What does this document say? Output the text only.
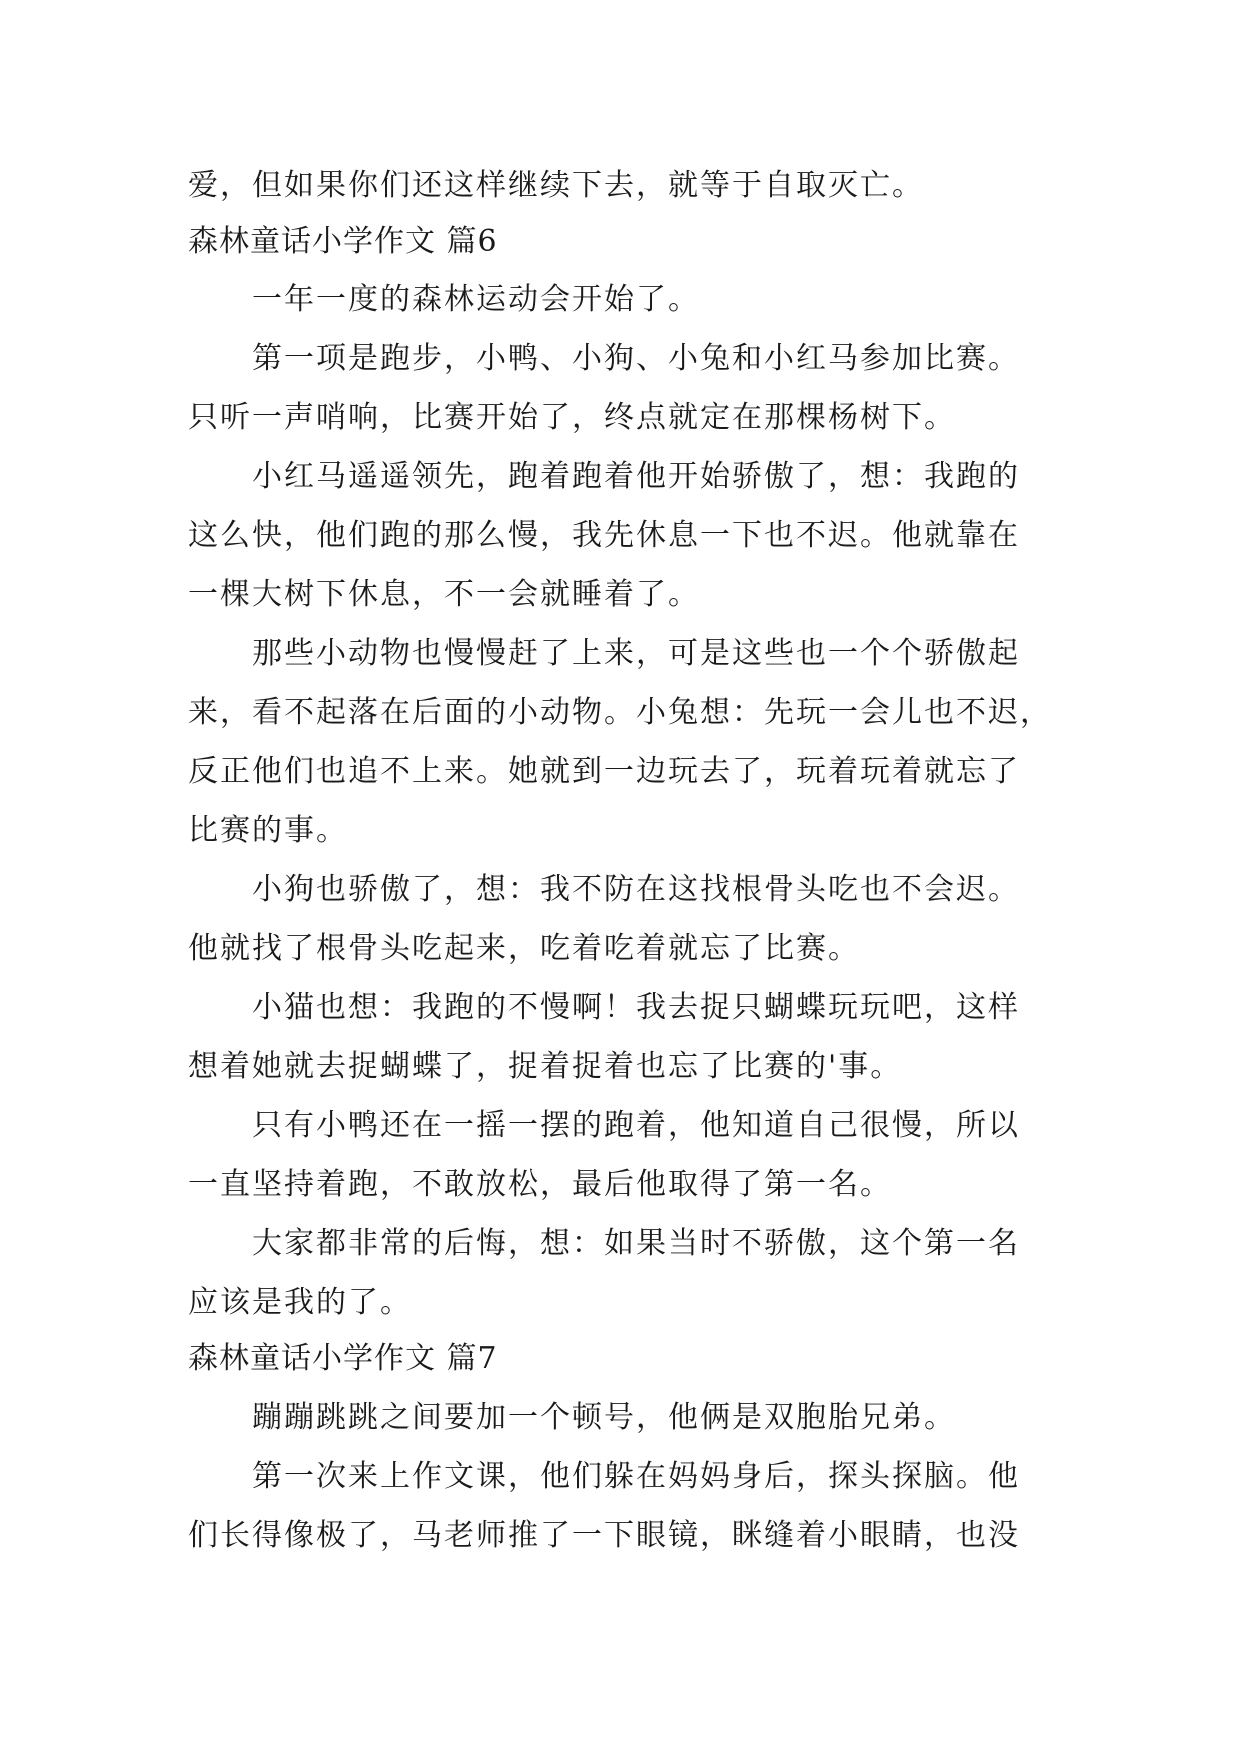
爱，但如果你们还这样继续下去，就等于自取灭亡。
森林童话小学作文 篇6
一年一度的森林运动会开始了。
第一项是跑步，小鸭、小狗、小兔和小红马参加比赛。
只听一声哨响，比赛开始了，终点就定在那棵杨树下。
小红马遥遥领先，跑着跑着他开始骄傲了，想：我跑的
这么快，他们跑的那么慢，我先休息一下也不迟。他就靠在
一棵大树下休息，不一会就睡着了。
那些小动物也慢慢赶了上来，可是这些也一个个骄傲起
来，看不起落在后面的小动物。小兔想：先玩一会儿也不迟，
反正他们也追不上来。她就到一边玩去了，玩着玩着就忘了
比赛的事。
小狗也骄傲了，想：我不防在这找根骨头吃也不会迟。
他就找了根骨头吃起来，吃着吃着就忘了比赛。
小猫也想：我跑的不慢啊！我去捉只蝴蝶玩玩吧，这样
想着她就去捉蝴蝶了，捉着捉着也忘了比赛的'事。
只有小鸭还在一摇一摆的跑着，他知道自己很慢，所以
一直坚持着跑，不敢放松，最后他取得了第一名。
大家都非常的后悔，想：如果当时不骄傲，这个第一名
应该是我的了。
森林童话小学作文 篇7
蹦蹦跳跳之间要加一个顿号，他俩是双胞胎兄弟。
第一次来上作文课，他们躲在妈妈身后，探头探脑。他
们长得像极了，马老师推了一下眼镜，眯缝着小眼睛，也没
